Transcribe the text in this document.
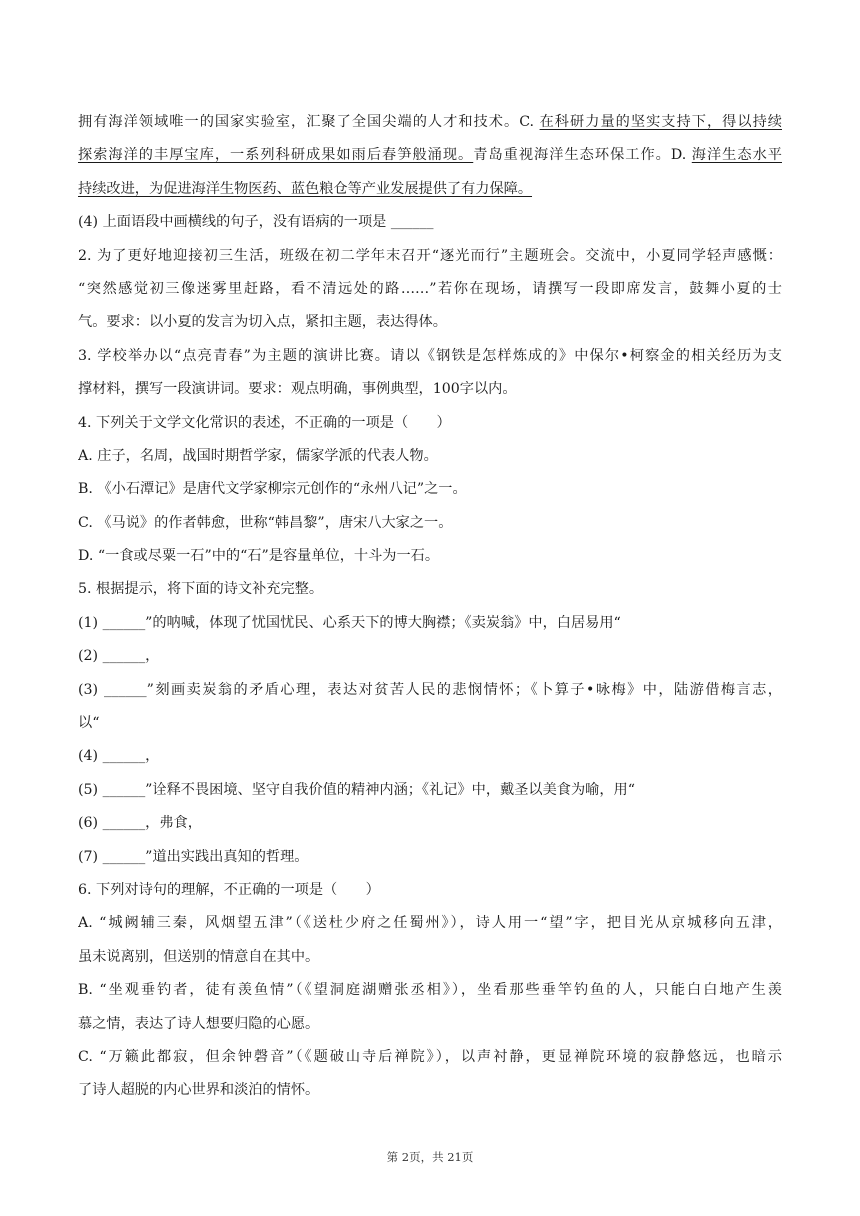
拥有海洋领域唯一的国家实验室，汇聚了全国尖端的人才和技术。C. 在科研力量的坚实支持下，得以持续

探索海洋的丰厚宝库，一系列科研成果如雨后春笋般涌现。青岛重视海洋生态环保工作。D. 海洋生态水平

持续改进，为促进海洋生物医药、蓝色粮仓等产业发展提供了有力保障。

(4) 上面语段中画横线的句子，没有语病的一项是 ______

2. 为了更好地迎接初三生活，班级在初二学年末召开“逐光而行”主题班会。交流中，小夏同学轻声感慨：

“突然感觉初三像迷雾里赶路，看不清远处的路……”若你在现场，请撰写一段即席发言，鼓舞小夏的士

气。要求：以小夏的发言为切入点，紧扣主题，表达得体。

3. 学校举办以“点亮青春”为主题的演讲比赛。请以《钢铁是怎样炼成的》中保尔•柯察金的相关经历为支

撑材料，撰写一段演讲词。要求：观点明确，事例典型，100字以内。

4. 下列关于文学文化常识的表述，不正确的一项是（　　）

A. 庄子，名周，战国时期哲学家，儒家学派的代表人物。

B. 《小石潭记》是唐代文学家柳宗元创作的“永州八记”之一。

C. 《马说》的作者韩愈，世称“韩昌黎”，唐宋八大家之一。

D. “一食或尽粟一石”中的“石”是容量单位，十斗为一石。

5. 根据提示，将下面的诗文补充完整。

(1) ______”的呐喊，体现了忧国忧民、心系天下的博大胸襟；《卖炭翁》中，白居易用“

(2) ______，

(3) ______”刻画卖炭翁的矛盾心理，表达对贫苦人民的悲悯情怀；《卜算子•咏梅》中，陆游借梅言志，

以“

(4) ______，

(5) ______”诠释不畏困境、坚守自我价值的精神内涵；《礼记》中，戴圣以美食为喻，用“

(6) ______，弗食，

(7) ______”道出实践出真知的哲理。

6. 下列对诗句的理解，不正确的一项是（　　）

A. “城阙辅三秦，风烟望五津”（《送杜少府之任蜀州》），诗人用一“望”字，把目光从京城移向五津，

虽未说离别，但送别的情意自在其中。

B. “坐观垂钓者，徒有羡鱼情”（《望洞庭湖赠张丞相》），坐看那些垂竿钓鱼的人，只能白白地产生羡

慕之情，表达了诗人想要归隐的心愿。

C. “万籁此都寂，但余钟磬音”（《题破山寺后禅院》），以声衬静，更显禅院环境的寂静悠远，也暗示

了诗人超脱的内心世界和淡泊的情怀。

第 2页，共 21页
